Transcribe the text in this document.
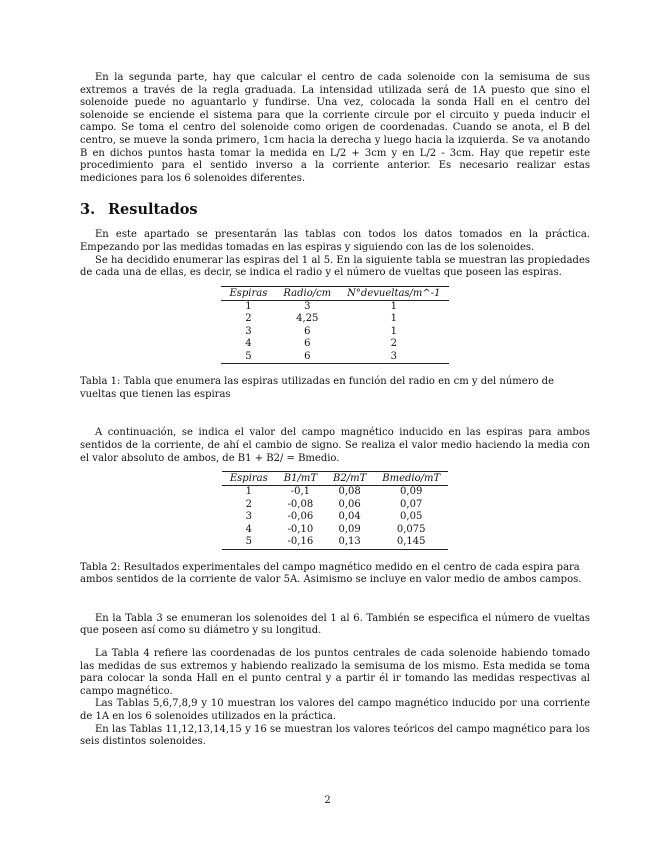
En la segunda parte, hay que calcular el centro de cada solenoide con la semisuma de sus extremos a través de la regla graduada. La intensidad utilizada será de 1A puesto que sino el solenoide puede no aguantarlo y fundirse. Una vez, colocada la sonda Hall en el centro del solenoide se enciende el sistema para que la corriente circule por el circuito y pueda inducir el campo. Se toma el centro del solenoide como origen de coordenadas. Cuando se anota, el B del centro, se mueve la sonda primero, 1cm hacia la derecha y luego hacia la izquierda. Se va anotando B en dichos puntos hasta tomar la medida en L/2 + 3cm y en L/2 - 3cm. Hay que repetir este procedimiento para el sentido inverso a la corriente anterior. Es necesario realizar estas mediciones para los 6 solenoides diferentes.

3. Resultados

En este apartado se presentarán las tablas con todos los datos tomados en la práctica. Empezando por las medidas tomadas en las espiras y siguiendo con las de los solenoides.

Se ha decidido enumerar las espiras del 1 al 5. En la siguiente tabla se muestran las propiedades de cada una de ellas, es decir, se indica el radio y el número de vueltas que poseen las espiras.

Espiras	Radio/cm	N°devueltas/m^-1
1	3	1
2	4,25	1
3	6	1
4	6	2
5	6	3

Tabla 1: Tabla que enumera las espiras utilizadas en función del radio en cm y del número de vueltas que tienen las espiras

A continuación, se indica el valor del campo magnético inducido en las espiras para ambos sentidos de la corriente, de ahí el cambio de signo. Se realiza el valor medio haciendo la media con el valor absoluto de ambos, de B1 + B2/ = Bmedio.

Espiras	B1/mT	B2/mT	Bmedio/mT
1	-0,1	0,08	0,09
2	-0,08	0,06	0,07
3	-0,06	0,04	0,05
4	-0,10	0,09	0,075
5	-0,16	0,13	0,145

Tabla 2: Resultados experimentales del campo magnético medido en el centro de cada espira para ambos sentidos de la corriente de valor 5A. Asimismo se incluye en valor medio de ambos campos.

En la Tabla 3 se enumeran los solenoides del 1 al 6. También se especifica el número de vueltas que poseen así como su diámetro y su longitud.

La Tabla 4 refiere las coordenadas de los puntos centrales de cada solenoide habiendo tomado las medidas de sus extremos y habiendo realizado la semisuma de los mismo. Esta medida se toma para colocar la sonda Hall en el punto central y a partir él ir tomando las medidas respectivas al campo magnético.

Las Tablas 5,6,7,8,9 y 10 muestran los valores del campo magnético inducido por una corriente de 1A en los 6 solenoides utilizados en la práctica.

En las Tablas 11,12,13,14,15 y 16 se muestran los valores teóricos del campo magnético para los seis distintos solenoides.

2
